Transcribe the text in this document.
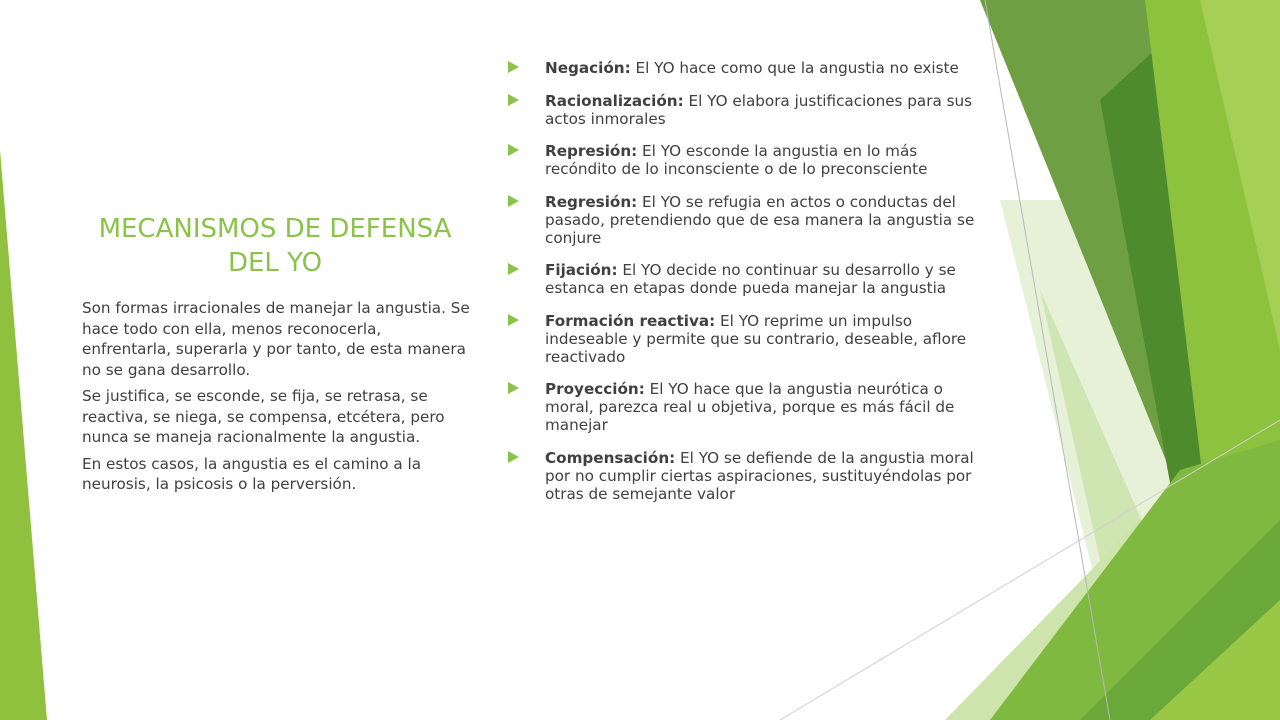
MECANISMOS DE DEFENSA DEL YO

Son formas irracionales de manejar la angustia. Se hace todo con ella, menos reconocerla, enfrentarla, superarla y por tanto, de esta manera no se gana desarrollo.

Se justifica, se esconde, se fija, se retrasa, se reactiva, se niega, se compensa, etcétera, pero nunca se maneja racionalmente la angustia.

En estos casos, la angustia es el camino a la neurosis, la psicosis o la perversión.

Negación: El YO hace como que la angustia no existe
Racionalización: El YO elabora justificaciones para sus actos inmorales
Represión: El YO esconde la angustia en lo más recóndito de lo inconsciente o de lo preconsciente
Regresión: El YO se refugia en actos o conductas del pasado, pretendiendo que de esa manera la angustia se conjure
Fijación: El YO decide no continuar su desarrollo y se estanca en etapas donde pueda manejar la angustia
Formación reactiva: El YO reprime un impulso indeseable y permite que su contrario, deseable, aflore reactivado
Proyección: El YO hace que la angustia neurótica o moral, parezca real u objetiva, porque es más fácil de manejar
Compensación: El YO se defiende de la angustia moral por no cumplir ciertas aspiraciones, sustituyéndolas por otras de semejante valor
